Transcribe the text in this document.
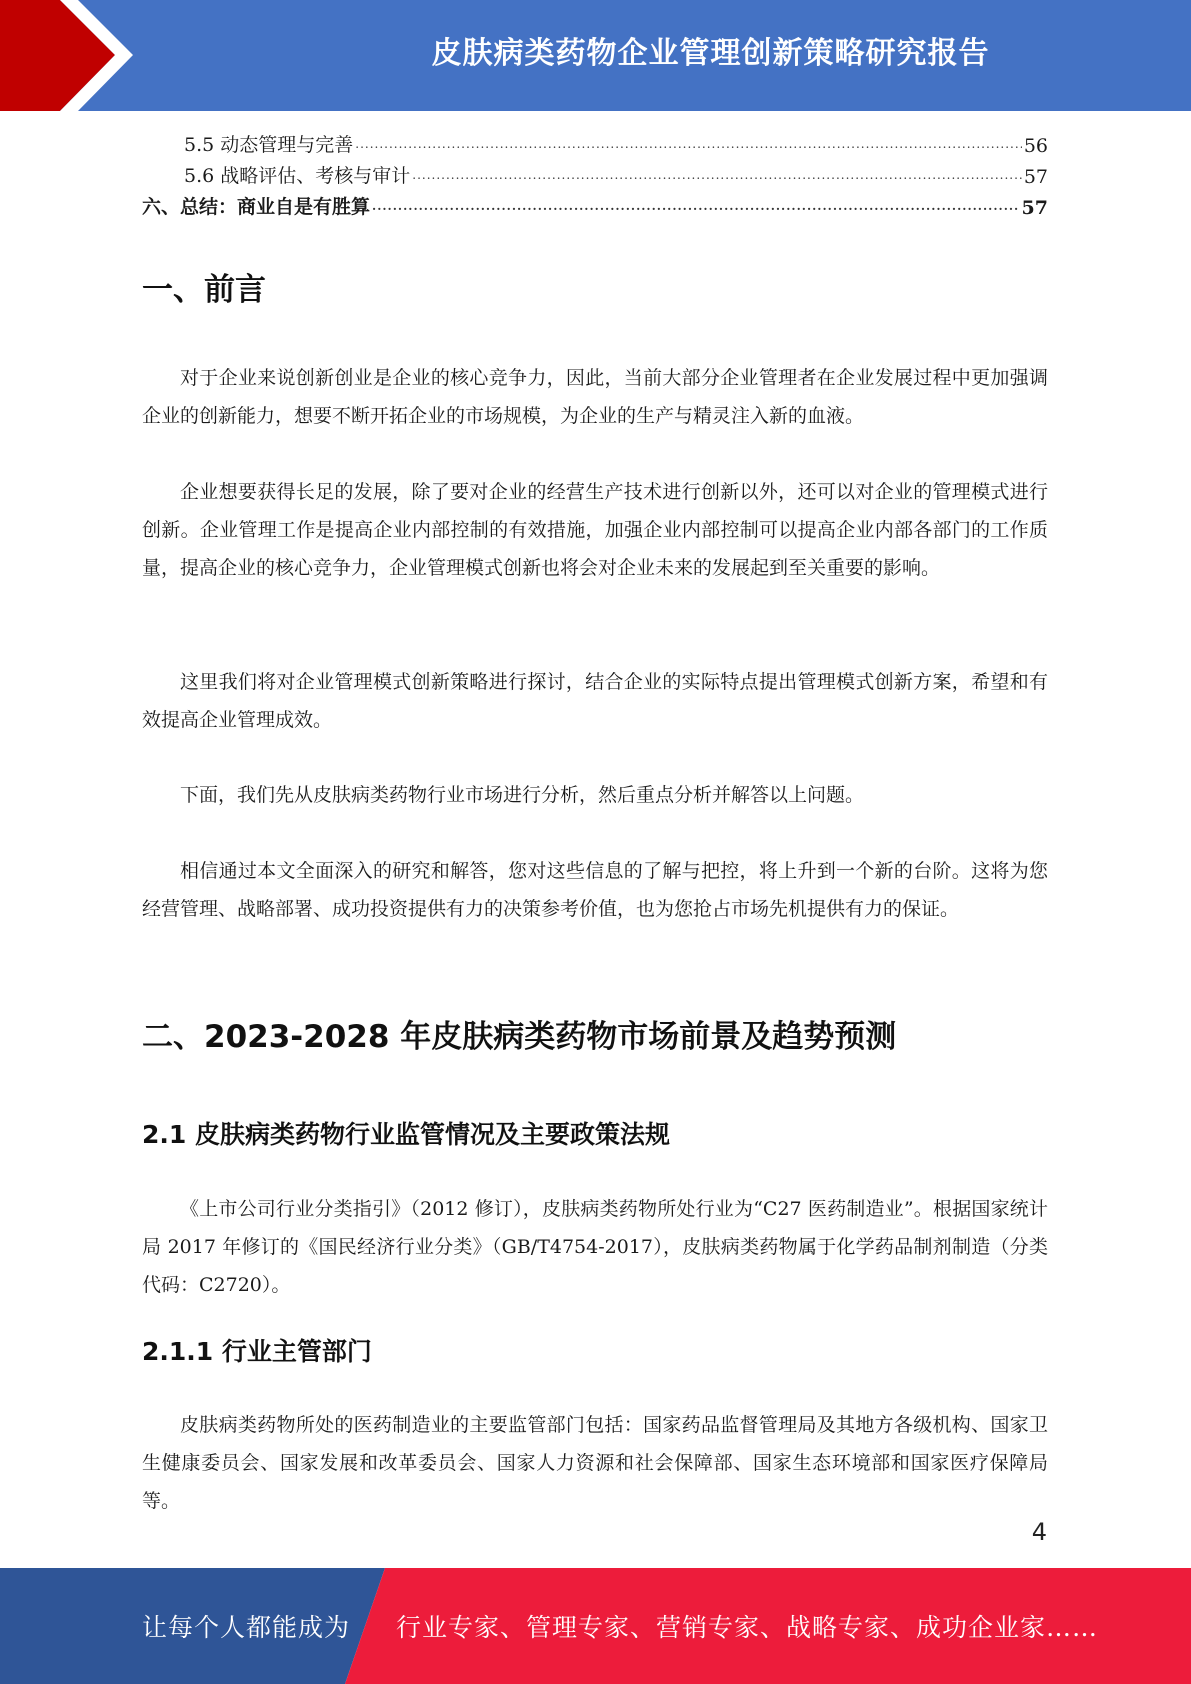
皮肤病类药物企业管理创新策略研究报告
5.5 动态管理与完善 .....	56
5.6 战略评估、考核与审计 .....	57
六、总结：商业自是有胜算 .....	57
一、前言

对于企业来说创新创业是企业的核心竞争力，因此，当前大部分企业管理者在企业发展过程中更加强调企业的创新能力，想要不断开拓企业的市场规模，为企业的生产与精灵注入新的血液。

企业想要获得长足的发展，除了要对企业的经营生产技术进行创新以外，还可以对企业的管理模式进行创新。企业管理工作是提高企业内部控制的有效措施，加强企业内部控制可以提高企业内部各部门的工作质量，提高企业的核心竞争力，企业管理模式创新也将会对企业未来的发展起到至关重要的影响。

这里我们将对企业管理模式创新策略进行探讨，结合企业的实际特点提出管理模式创新方案，希望和有效提高企业管理成效。

下面，我们先从皮肤病类药物行业市场进行分析，然后重点分析并解答以上问题。

相信通过本文全面深入的研究和解答，您对这些信息的了解与把控，将上升到一个新的台阶。这将为您经营管理、战略部署、成功投资提供有力的决策参考价值，也为您抢占市场先机提供有力的保证。

二、2023-2028 年皮肤病类药物市场前景及趋势预测
2.1 皮肤病类药物行业监管情况及主要政策法规

《上市公司行业分类指引》（2012 修订），皮肤病类药物所处行业为“C27 医药制造业”。根据国家统计局 2017 年修订的《国民经济行业分类》（GB/T4754-2017），皮肤病类药物属于化学药品制剂制造（分类代码：C2720）。

2.1.1 行业主管部门

皮肤病类药物所处的医药制造业的主要监管部门包括：国家药品监督管理局及其地方各级机构、国家卫生健康委员会、国家发展和改革委员会、国家人力资源和社会保障部、国家生态环境部和国家医疗保障局等。

4
让每个人都能成为 行业专家、管理专家、营销专家、战略专家、成功企业家……
